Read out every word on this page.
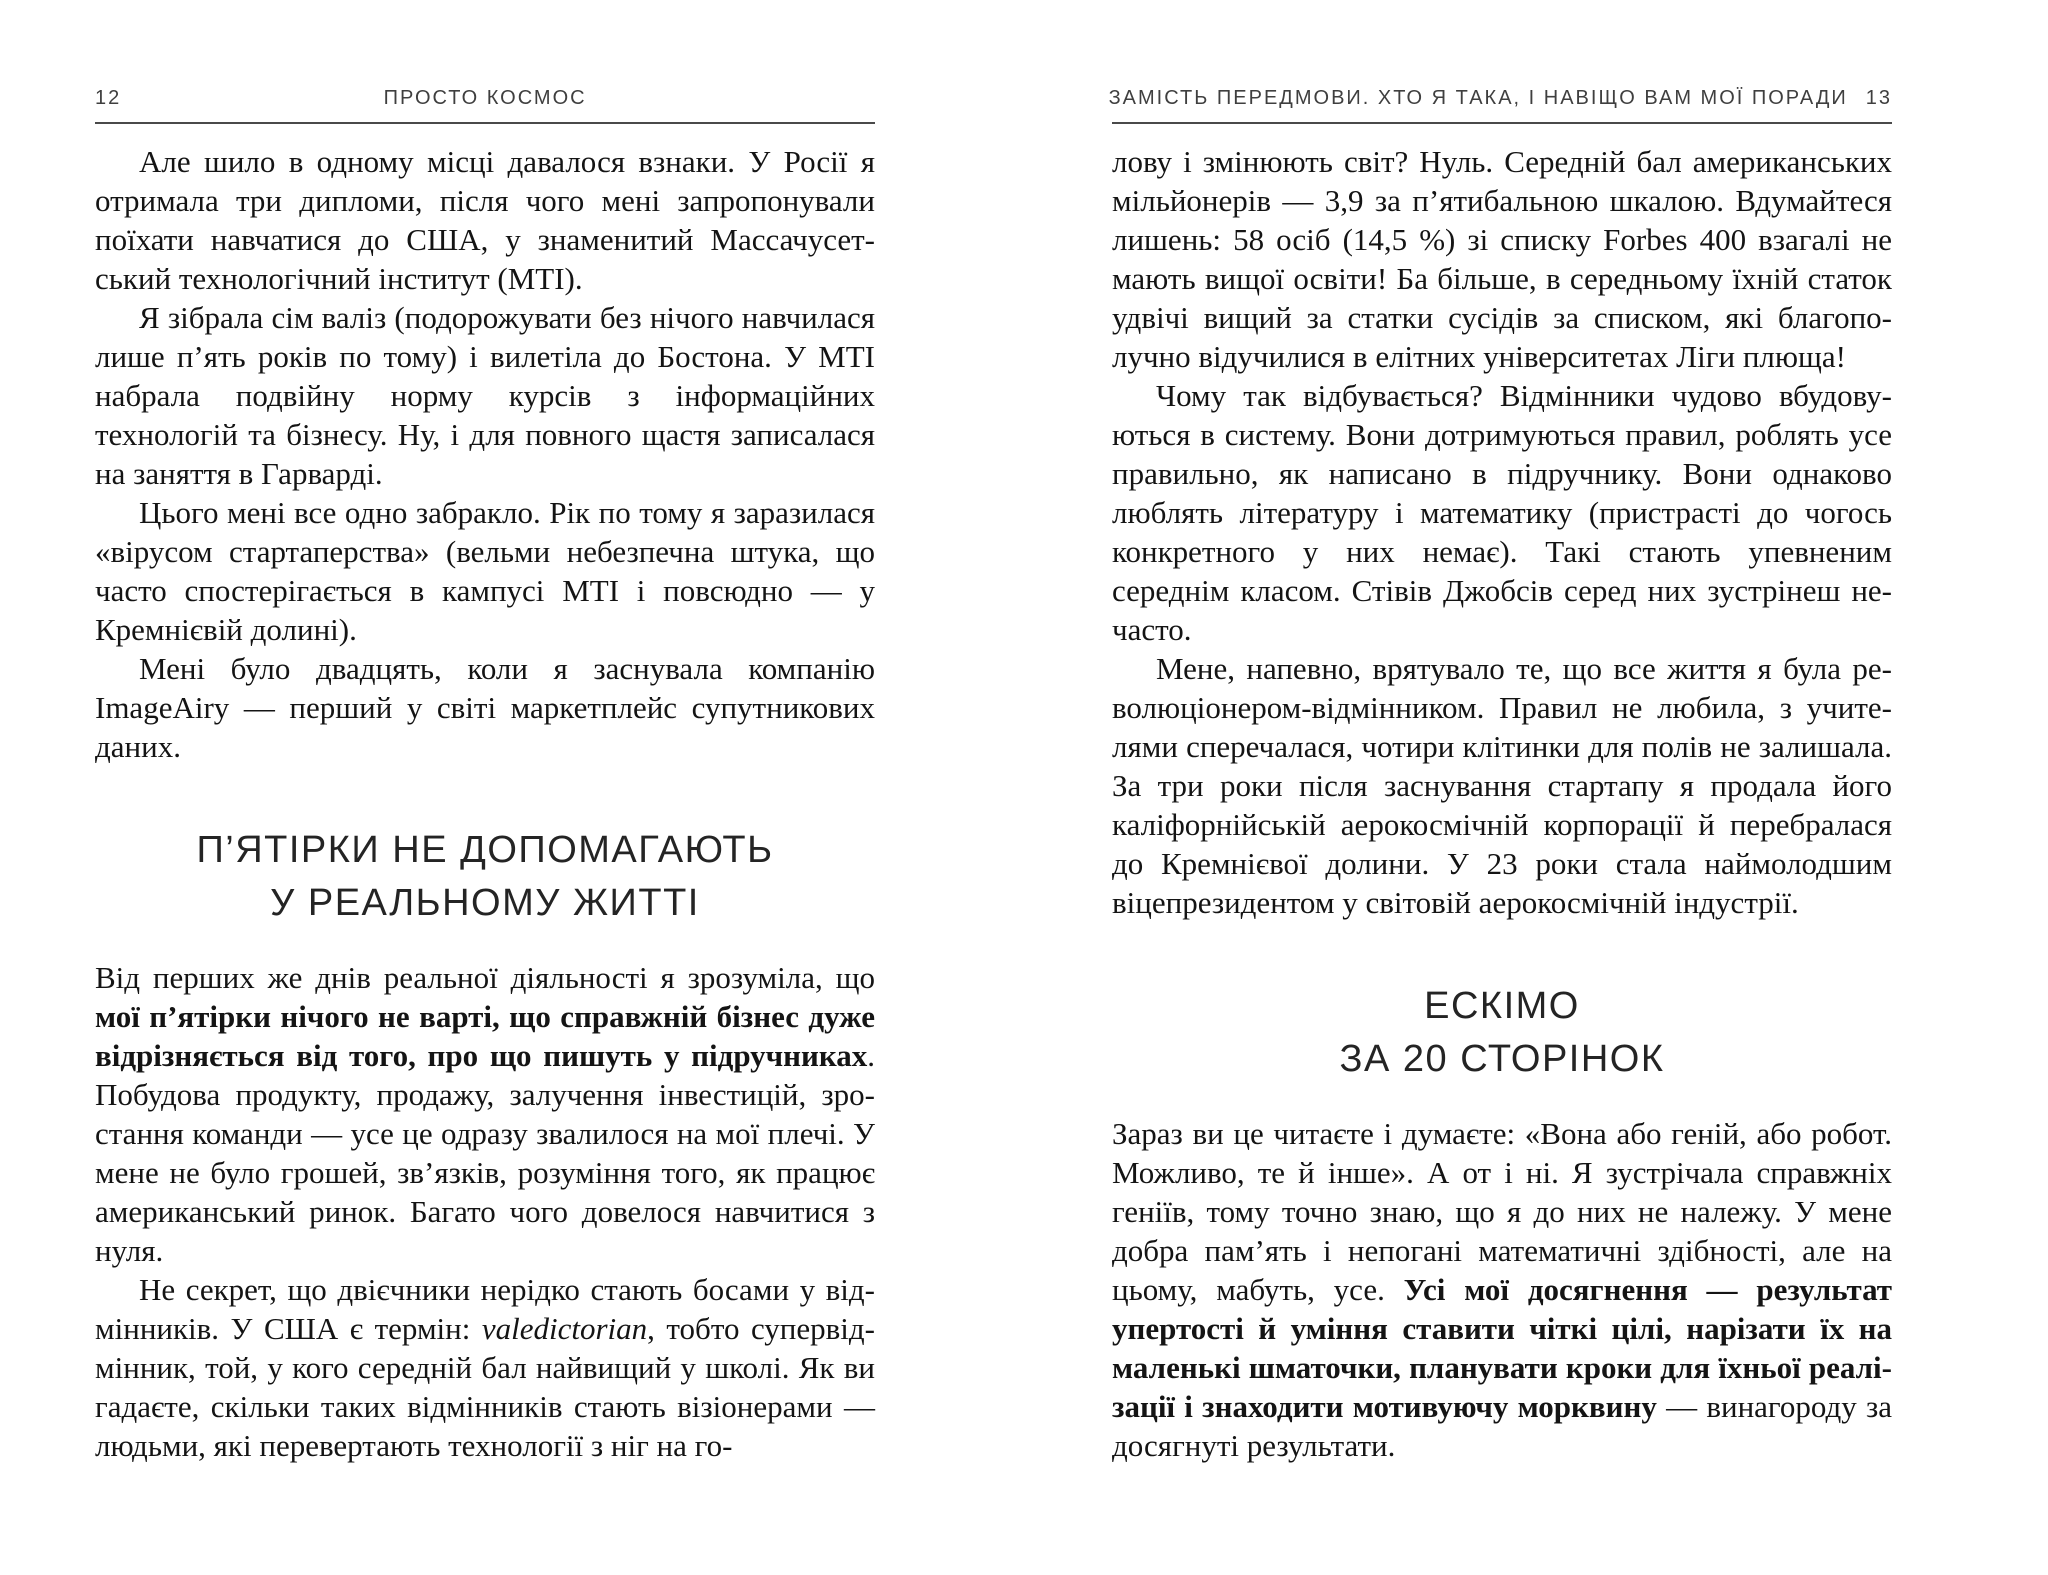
12	ПРОСТО КОСМОС

Але шило в одному місці давалося взнаки. У Росії я отримала три дипломи, після чого мені запропонували поїхати навчатися до США, у знаменитий Массачусетський технологічний інститут (МТІ).

Я зібрала сім валіз (подорожувати без нічого навчилася лише п’ять років по тому) і вилетіла до Бостона. У МТІ набрала подвійну норму курсів з інформаційних технологій та бізнесу. Ну, і для повного щастя записалася на заняття в Гарварді.

Цього мені все одно забракло. Рік по тому я заразилася «вірусом стартаперства» (вельми небезпечна штука, що часто спостерігається в кампусі МТІ і повсюдно — у Кремнієвій долині).

Мені було двадцять, коли я заснувала компанію ImageAiry — перший у світі маркетплейс супутникових даних.

П’ЯТІРКИ НЕ ДОПОМАГАЮТЬ
У РЕАЛЬНОМУ ЖИТТІ

Від перших же днів реальної діяльності я зрозуміла, що мої п’ятірки нічого не варті, що справжній бізнес дуже відрізняється від того, про що пишуть у підручниках. Побудова продукту, продажу, залучення інвестицій, зростання команди — усе це одразу звалилося на мої плечі. У мене не було грошей, зв’язків, розуміння того, як працює американський ринок. Багато чого довелося навчитися з нуля.

Не секрет, що двієчники нерідко стають босами у відмінників. У США є термін: valedictorian, тобто супервідмінник, той, у кого середній бал найвищий у школі. Як ви гадаєте, скільки таких відмінників стають візіонерами — людьми, які перевертають технології з ніг на го-

ЗАМІСТЬ ПЕРЕДМОВИ. ХТО Я ТАКА, І НАВІЩО ВАМ МОЇ ПОРАДИ 13

лову і змінюють світ? Нуль. Середній бал американських мільйонерів — 3,9 за п’ятибальною шкалою. Вдумайтеся лишень: 58 осіб (14,5 %) зі списку Forbes 400 взагалі не мають вищої освіти! Ба більше, в середньому їхній статок удвічі вищий за статки сусідів за списком, які благополучно відучилися в елітних університетах Ліги плюща!

Чому так відбувається? Відмінники чудово вбудовуються в систему. Вони дотримуються правил, роблять усе правильно, як написано в підручнику. Вони однаково люблять літературу і математику (пристрасті до чогось конкретного у них немає). Такі стають упевненим середнім класом. Стівів Джобсів серед них зустрінеш нечасто.

Мене, напевно, врятувало те, що все життя я була революціонером-відмінником. Правил не любила, з учителями сперечалася, чотири клітинки для полів не залишала. За три роки після заснування стартапу я продала його каліфорнійській аерокосмічній корпорації й перебралася до Кремнієвої долини. У 23 роки стала наймолодшим віцепрезидентом у світовій аерокосмічній індустрії.

ЕСКІМО
ЗА 20 СТОРІНОК

Зараз ви це читаєте і думаєте: «Вона або геній, або робот. Можливо, те й інше». А от і ні. Я зустрічала справжніх геніїв, тому точно знаю, що я до них не належу. У мене добра пам’ять і непогані математичні здібності, але на цьому, мабуть, усе. Усі мої досягнення — результат упертості й уміння ставити чіткі цілі, нарізати їх на маленькі шматочки, планувати кроки для їхньої реалізації і знаходити мотивуючу морквину — винагороду за досягнуті результати.
